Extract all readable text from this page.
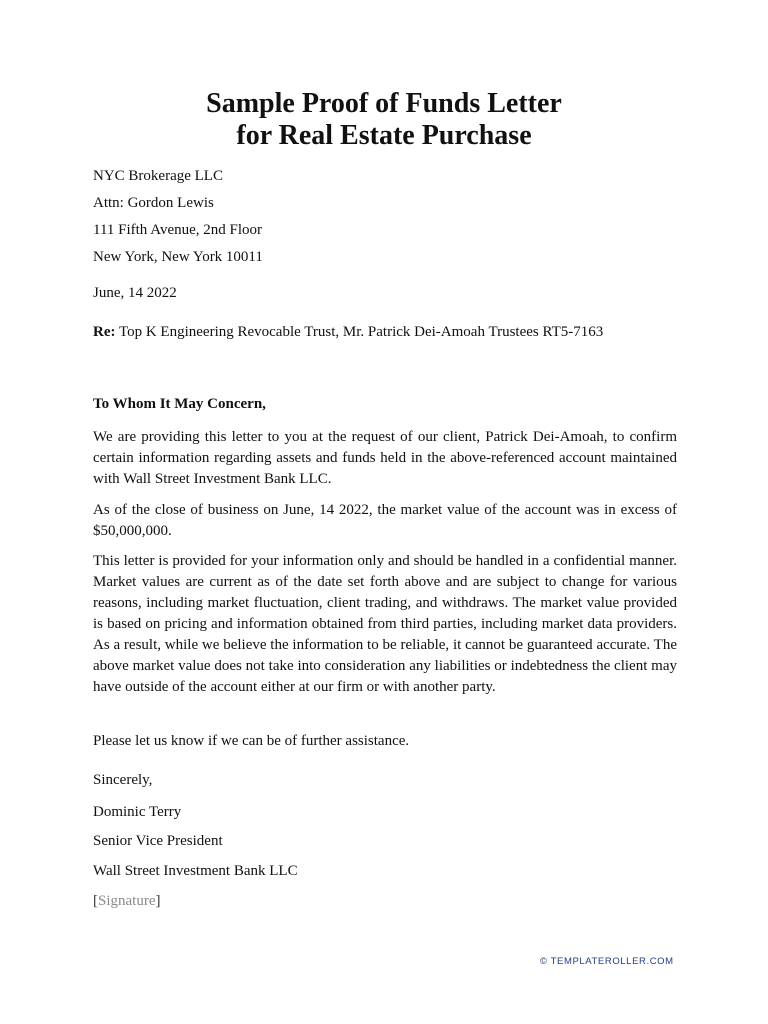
Sample Proof of Funds Letter
for Real Estate Purchase

NYC Brokerage LLC

Attn: Gordon Lewis

111 Fifth Avenue, 2nd Floor

New York, New York 10011

June, 14 2022

Re: Top K Engineering Revocable Trust, Mr. Patrick Dei-Amoah Trustees RT5-7163

To Whom It May Concern,

We are providing this letter to you at the request of our client, Patrick Dei-Amoah, to confirm certain information regarding assets and funds held in the above-referenced account maintained with Wall Street Investment Bank LLC.

As of the close of business on June, 14 2022, the market value of the account was in excess of $50,000,000.

This letter is provided for your information only and should be handled in a confidential manner. Market values are current as of the date set forth above and are subject to change for various reasons, including market fluctuation, client trading, and withdraws. The market value provided is based on pricing and information obtained from third parties, including market data providers. As a result, while we believe the information to be reliable, it cannot be guaranteed accurate. The above market value does not take into consideration any liabilities or indebtedness the client may have outside of the account either at our firm or with another party.

Please let us know if we can be of further assistance.

Sincerely,

Dominic Terry

Senior Vice President

Wall Street Investment Bank LLC

[Signature]

© TEMPLATEROLLER.COM
